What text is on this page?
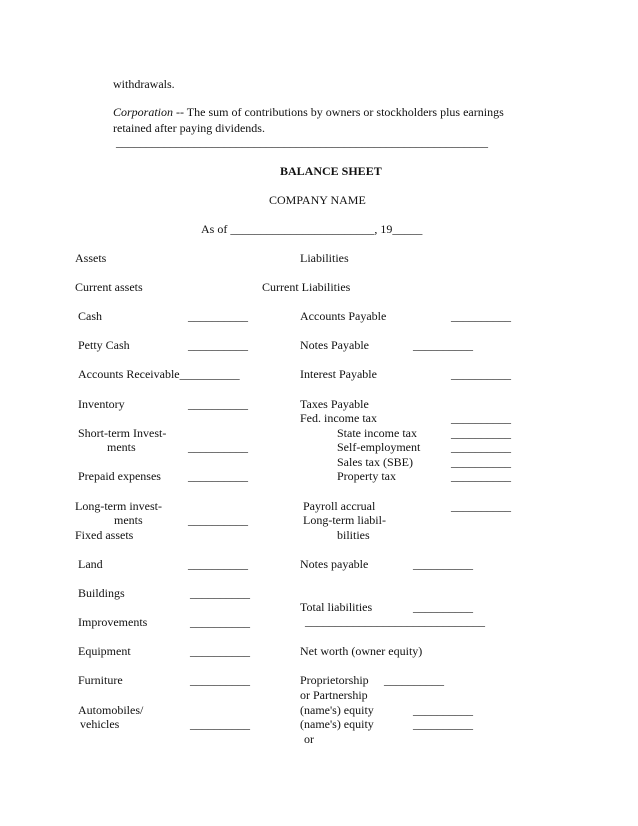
withdrawals.
Corporation -- The sum of contributions by owners or stockholders plus earnings
retained after paying dividends.
______________________________________________________________
BALANCE SHEET
COMPANY NAME
As of ________________________, 19_____
Assets
Current assets
Cash	__________
Petty Cash	__________
Accounts Receivable__________
Inventory	__________
Short-term Invest-
ments	__________
Prepaid expenses __________
Long-term invest-
ments	__________
Fixed assets
Land	__________
Buildings	__________
Improvements	__________
Equipment	__________
Furniture	__________
Automobiles/
vehicles	__________
Liabilities
Current Liabilities
Accounts Payable	__________
Notes Payable	__________
Interest Payable	__________
Taxes Payable
Fed. income tax	__________
State income tax	__________
Self-employment	__________
Sales tax (SBE)	__________
Property tax	__________
Payroll accrual	__________
Long-term liabil-
bilities
Notes payable	__________
Total liabilities	__________
______________________________
Net worth (owner equity)
Proprietorship __________
or Partnership
(name's) equity	__________
(name's) equity	__________
or
